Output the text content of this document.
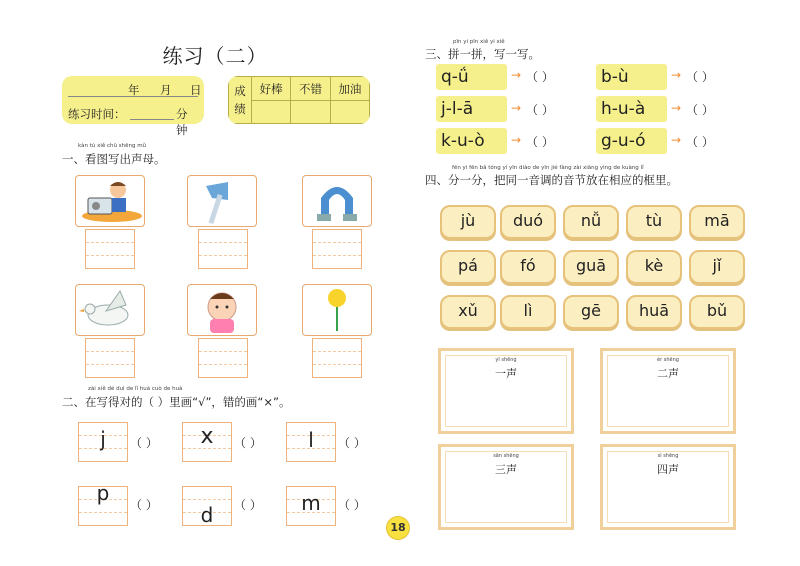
练习（二）
年 月 日
练习时间：	分钟
成
绩	好棒	不错	加油

kàn tú xiě chū shēng mǔ
一、看图写出声母。
zài xiě dé duì de lǐ huà cuò de huà
二、在写得对的（ ）里画“√”，错的画“×”。
j	（ ）	x	（ ）	l	（ ）
p	（ ）	d	（ ）	m	（ ）
18
pīn yi pīn xiě yi xiě
三、拼一拼，写一写。
q-ǘ	→ （ ）	b-ù	→ （ ）
j-l-ā	→ （ ）	h-u-à	→ （ ）
k-u-ò	→ （ ）	g-u-ó	→ （ ）
fēn yi fēn bǎ tóng yí yīn diào de yīn jié fàng zài xiāng yìng de kuàng lǐ
四、分一分，把同一音调的音节放在相应的框里。
jù	duó	nǚ	tù	mā
pá	fó	guā	kè	jǐ
xǔ	lì	gē	huā	bǔ
yī shēng
一声
èr shēng
二声
sān shēng
三声
sì shēng
四声
